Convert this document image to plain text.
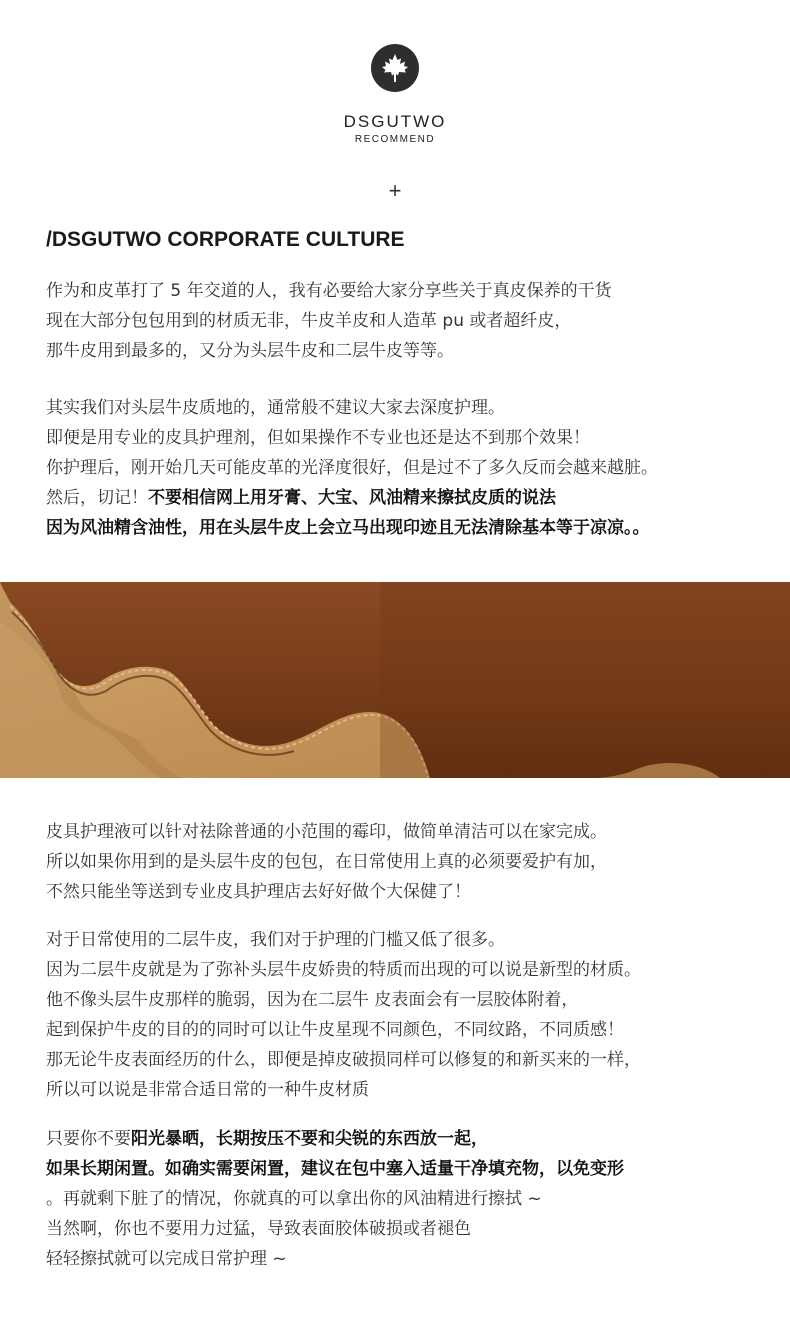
DSGUTWO
RECOMMEND
+
/DSGUTWO CORPORATE CULTURE
作为和皮革打了 5 年交道的人，我有必要给大家分享些关于真皮保养的干货
现在大部分包包用到的材质无非，牛皮羊皮和人造革 pu 或者超纤皮，
那牛皮用到最多的，又分为头层牛皮和二层牛皮等等。
其实我们对头层牛皮质地的，通常般不建议大家去深度护理。
即便是用专业的皮具护理剂，但如果操作不专业也还是达不到那个效果！
你护理后，刚开始几天可能皮革的光泽度很好，但是过不了多久反而会越来越脏。
然后，切记！不要相信网上用牙膏、大宝、风油精来擦拭皮质的说法
因为风油精含油性，用在头层牛皮上会立马出现印迹且无法清除基本等于凉凉。。
皮具护理液可以针对祛除普通的小范围的霉印，做简单清洁可以在家完成。
所以如果你用到的是头层牛皮的包包，在日常使用上真的必须要爱护有加，
不然只能坐等送到专业皮具护理店去好好做个大保健了！
对于日常使用的二层牛皮，我们对于护理的门槛又低了很多。
因为二层牛皮就是为了弥补头层牛皮娇贵的特质而出现的可以说是新型的材质。
他不像头层牛皮那样的脆弱，因为在二层牛 皮表面会有一层胶体附着，
起到保护牛皮的目的的同时可以让牛皮星现不同颜色，不同纹路，不同质感！
那无论牛皮表面经历的什么，即便是掉皮破损同样可以修复的和新买来的一样，
所以可以说是非常合适日常的一种牛皮材质
只要你不要阳光暴晒，长期按压不要和尖锐的东西放一起，
如果长期闲置。如确实需要闲置，建议在包中塞入适量干净填充物，以免变形
。再就剩下脏了的情况，你就真的可以拿出你的风油精进行擦拭 ~
当然啊，你也不要用力过猛，导致表面胶体破损或者褪色
轻轻擦拭就可以完成日常护理 ~
